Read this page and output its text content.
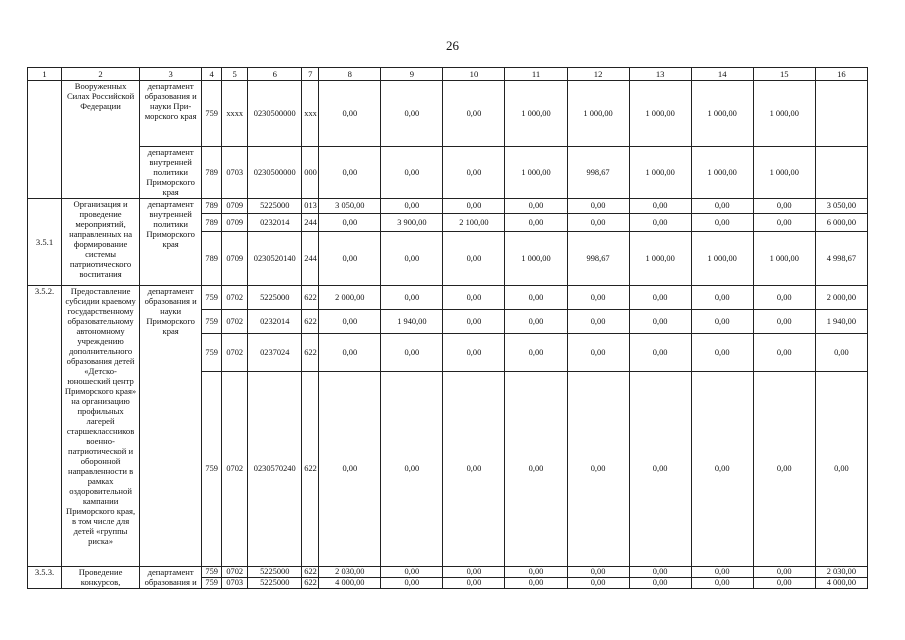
26
1	2	3	4	5	6	7	8	9	10	11	12	13	14	15	16
	Вооруженных Силах Российской Федерации	департамент образования и науки При-морского края	759	xxxx	0230500000	xxx	0,00	0,00	0,00	1 000,00	1 000,00	1 000,00	1 000,00	1 000,00	
		департамент внутренней политики Приморского края	789	0703	0230500000	000	0,00	0,00	0,00	1 000,00	998,67	1 000,00	1 000,00	1 000,00	
3.5.1	Организация и проведение мероприятий, направленных на формирование системы патриотического воспитания	департамент внутренней политики Приморского края	789	0709	5225000	013	3 050,00	0,00	0,00	0,00	0,00	0,00	0,00	0,00	3 050,00
			789	0709	0232014	244	0,00	3 900,00	2 100,00	0,00	0,00	0,00	0,00	0,00	6 000,00
			789	0709	0230520140	244	0,00	0,00	0,00	1 000,00	998,67	1 000,00	1 000,00	1 000,00	4 998,67
3.5.2.	Предоставление субсидии краевому государственному образовательному автономному учреждению дополнительного образования детей «Детско-юношеский центр Приморского края» на организацию профильных лагерей старшеклассников военно-патриотической и оборонной направленности в рамках оздоровительной кампании Приморского края, в том числе для детей «группы риска»	департамент образования и науки Приморского края	759	0702	5225000	622	2 000,00	0,00	0,00	0,00	0,00	0,00	0,00	0,00	2 000,00
			759	0702	0232014	622	0,00	1 940,00	0,00	0,00	0,00	0,00	0,00	0,00	1 940,00
			759	0702	0237024	622	0,00	0,00	0,00	0,00	0,00	0,00	0,00	0,00	0,00
			759	0702	0230570240	622	0,00	0,00	0,00	0,00	0,00	0,00	0,00	0,00	0,00
3.5.3.	Проведение конкурсов,	департамент образования и	759	0702	5225000	622	2 030,00	0,00	0,00	0,00	0,00	0,00	0,00	0,00	2 030,00
			759	0703	5225000	622	4 000,00	0,00	0,00	0,00	0,00	0,00	0,00	0,00	4 000,00
